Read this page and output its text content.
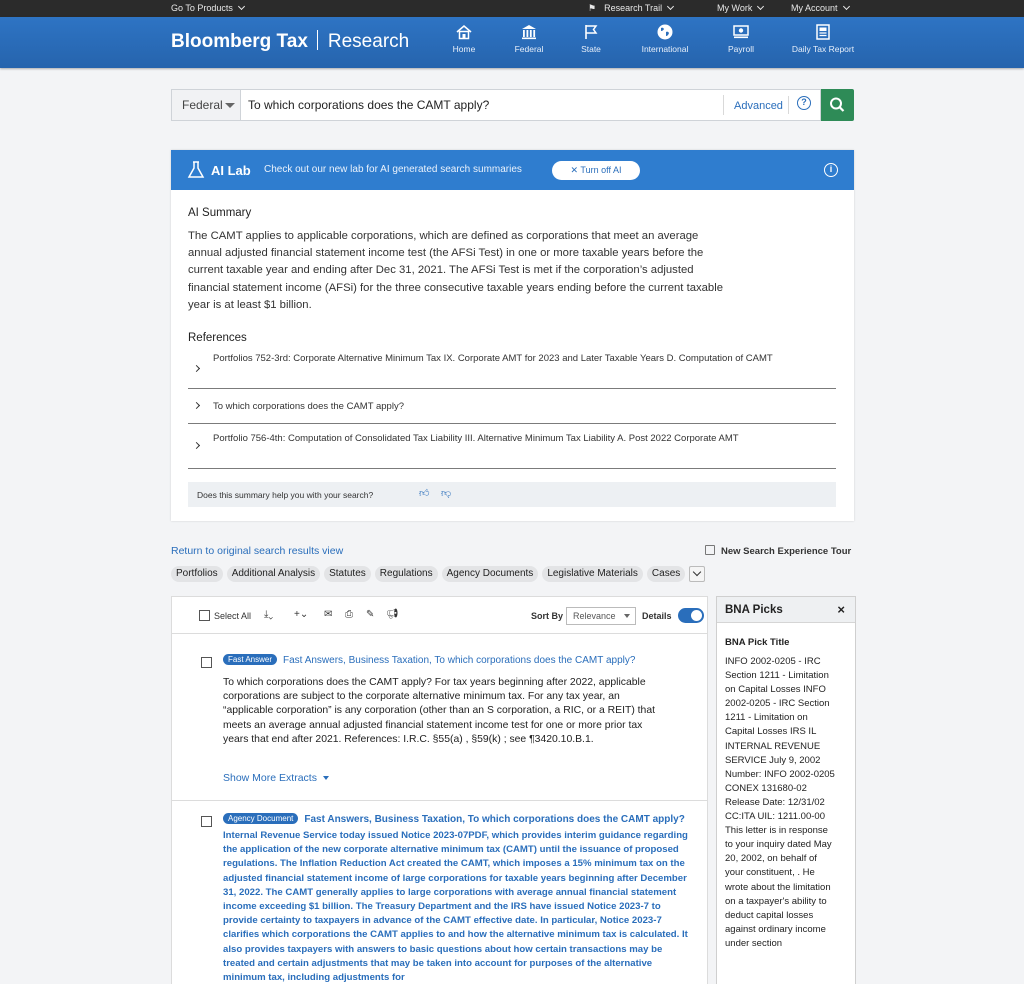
Go To Products	⚑ Research Trail	My Work	My Account
Bloomberg Tax Research	Home	Federal	State	International	Payroll	Daily Tax Report
Federal	To which corporations does the CAMT apply?	Advanced	?
AI Lab Check out our new lab for AI generated search summaries	✕ Turn off AI	i
AI Summary
The CAMT applies to applicable corporations, which are defined as corporations that meet an average annual adjusted financial statement income test (the AFSi Test) in one or more taxable years before the current taxable year and ending after Dec 31, 2021. The AFSi Test is met if the corporation’s adjusted financial statement income (AFSi) for the three consecutive taxable years ending before the current taxable year is at least $1 billion.
References
Portfolios 752-3rd: Corporate Alternative Minimum Tax IX. Corporate AMT for 2023 and Later Taxable Years D. Computation of CAMT
To which corporations does the CAMT apply?
Portfolio 756-4th: Computation of Consolidated Tax Liability III. Alternative Minimum Tax Liability A. Post 2022 Corporate AMT
Does this summary help you with your search?	👍︎ 👎︎
Return to original search results view	New Search Experience Tour
Portfolios Additional Analysis Statutes Regulations Agency Documents Legislative Materials Cases
Select All ⤓⌄ +⌄ ✉ ⎙ ✎ 📢︎	Sort By	Relevance	Details
Fast Answer Fast Answers, Business Taxation, To which corporations does the CAMT apply?
To which corporations does the CAMT apply? For tax years beginning after 2022, applicable corporations are subject to the corporate alternative minimum tax. For any tax year, an “applicable corporation” is any corporation (other than an S corporation, a RIC, or a REIT) that meets an average annual adjusted financial statement income test for one or more prior tax years that end after 2021. References: I.R.C. §55(a) , §59(k) ; see ¶3420.10.B.1.
Show More Extracts
Agency Document Fast Answers, Business Taxation, To which corporations does the CAMT apply?
Internal Revenue Service today issued Notice 2023-07PDF, which provides interim guidance regarding the application of the new corporate alternative minimum tax (CAMT) until the issuance of proposed regulations. The Inflation Reduction Act created the CAMT, which imposes a 15% minimum tax on the adjusted financial statement income of large corporations for taxable years beginning after December 31, 2022. The CAMT generally applies to large corporations with average annual financial statement income exceeding $1 billion. The Treasury Department and the IRS have issued Notice 2023-7 to provide certainty to taxpayers in advance of the CAMT effective date. In particular, Notice 2023-7 clarifies which corporations the CAMT applies to and how the alternative minimum tax is calculated. It also provides taxpayers with answers to basic questions about how certain transactions may be treated and certain adjustments that may be taken into account for purposes of the alternative minimum tax, including adjustments for
BNA Picks	×
BNA Pick Title
INFO 2002-0205 - IRC Section 1211 - Limitation on Capital Losses INFO 2002-0205 - IRC Section 1211 - Limitation on Capital Losses IRS IL INTERNAL REVENUE SERVICE July 9, 2002 Number: INFO 2002-0205 CONEX 131680-02 Release Date: 12/31/02 CC:ITA UIL: 1211.00-00 This letter is in response to your inquiry dated May 20, 2002, on behalf of your constituent, . He wrote about the limitation on a taxpayer's ability to deduct capital losses against ordinary income under section
